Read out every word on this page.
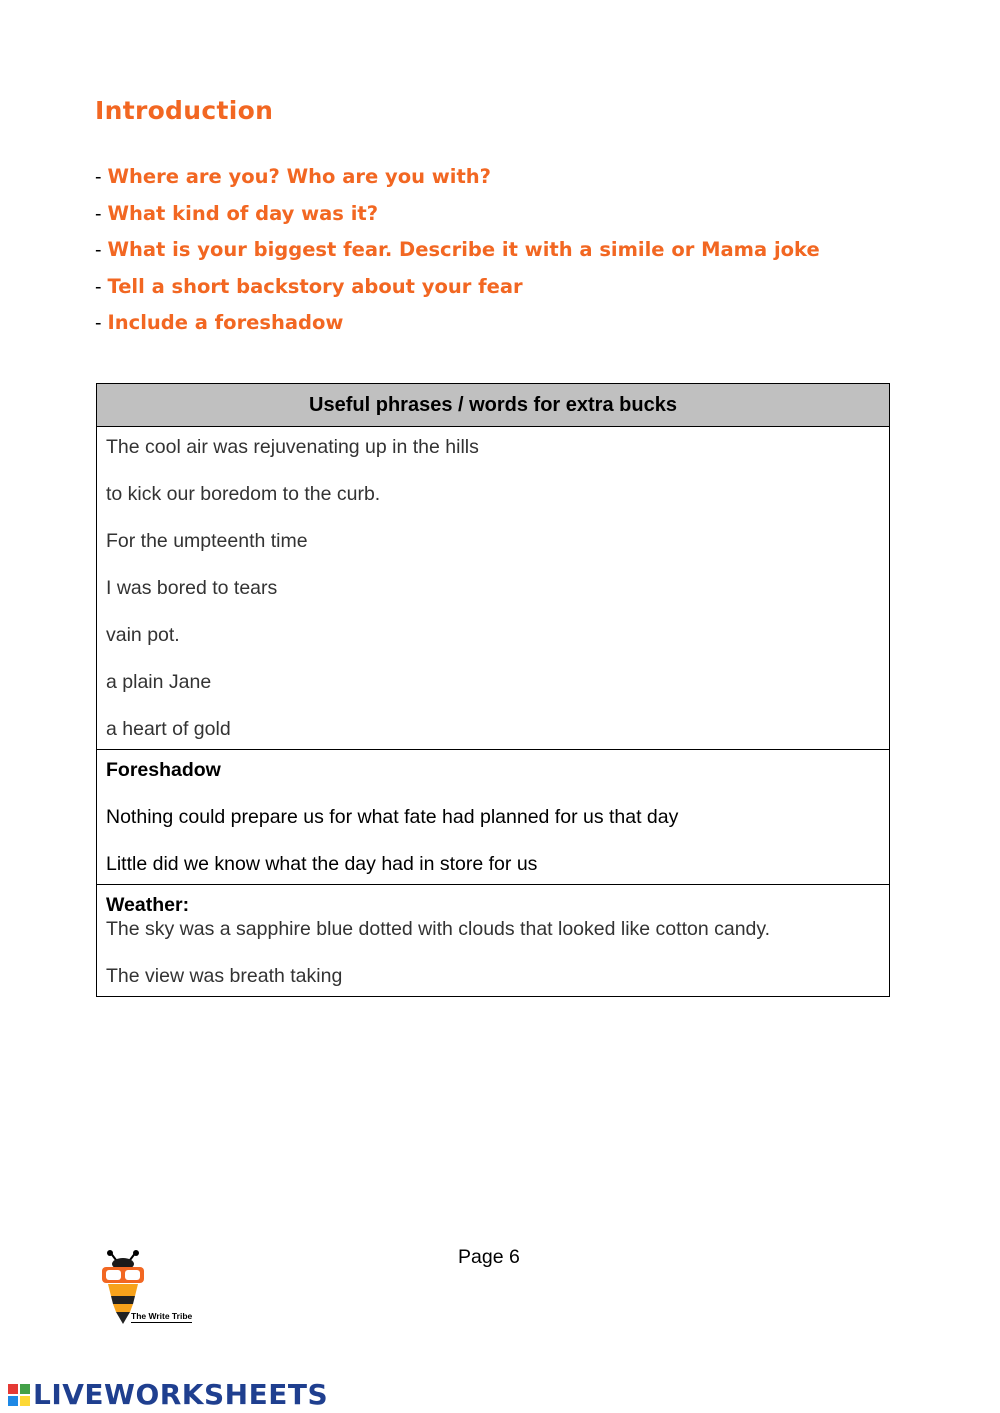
Introduction
- Where are you? Who are you with?
- What kind of day was it?
- What is your biggest fear. Describe it with a simile or Mama joke
- Tell a short backstory about your fear
- Include a foreshadow
Useful phrases / words for extra bucks
The cool air was rejuvenating up in the hills
to kick our boredom to the curb.
For the umpteenth time
I was bored to tears
vain pot.
a plain Jane
a heart of gold
Foreshadow
Nothing could prepare us for what fate had planned for us that day
Little did we know what the day had in store for us
Weather:
The sky was a sapphire blue dotted with clouds that looked like cotton candy.
The view was breath taking
Page 6
The Write Tribe
LIVEWORKSHEETS
